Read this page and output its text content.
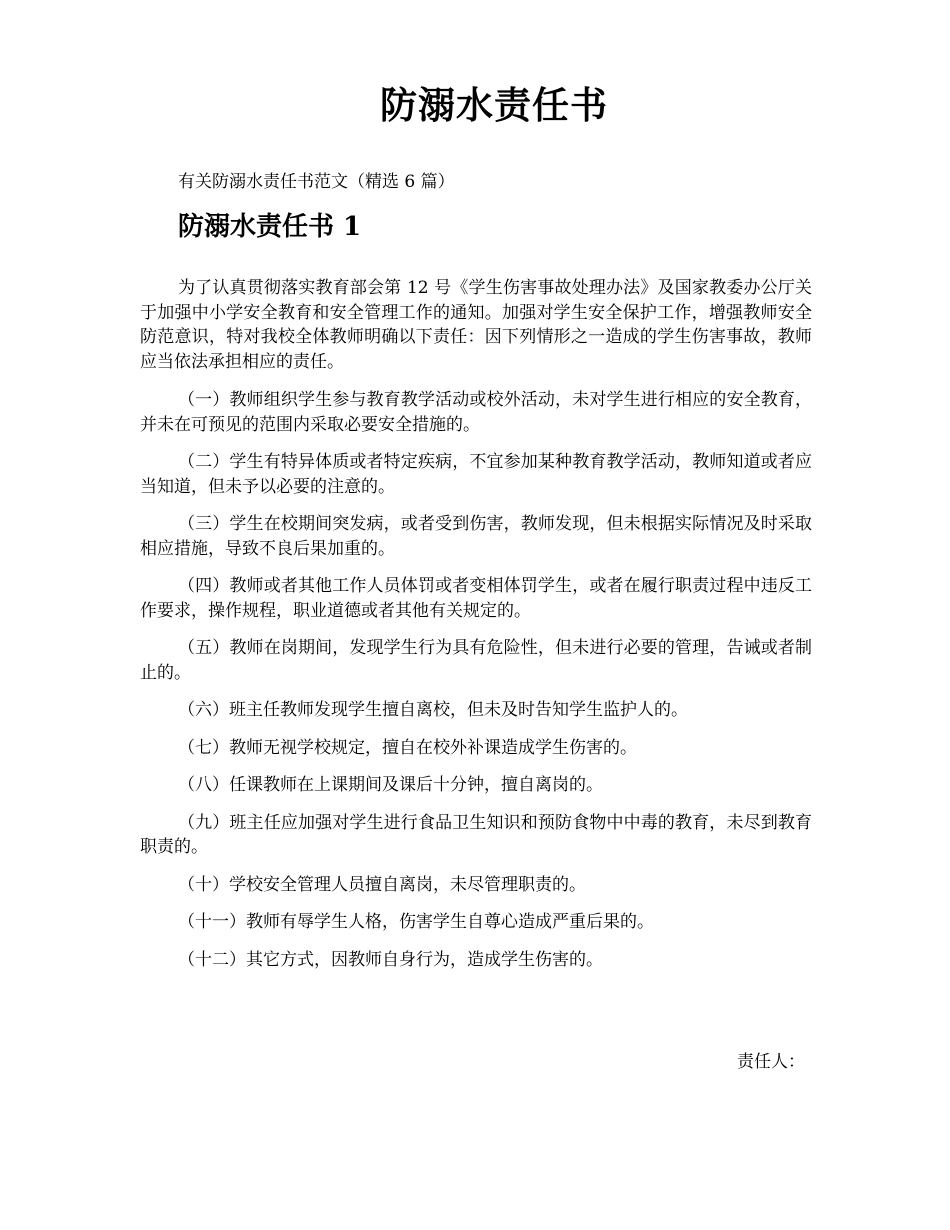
防溺水责任书

有关防溺水责任书范文（精选 6 篇）

防溺水责任书 1

为了认真贯彻落实教育部会第 12 号《学生伤害事故处理办法》及国家教委办公厅关于加强中小学安全教育和安全管理工作的通知。加强对学生安全保护工作，增强教师安全防范意识，特对我校全体教师明确以下责任：因下列情形之一造成的学生伤害事故，教师应当依法承担相应的责任。

（一）教师组织学生参与教育教学活动或校外活动，未对学生进行相应的安全教育，并未在可预见的范围内采取必要安全措施的。

（二）学生有特异体质或者特定疾病，不宜参加某种教育教学活动，教师知道或者应当知道，但未予以必要的注意的。

（三）学生在校期间突发病，或者受到伤害，教师发现，但未根据实际情况及时采取相应措施，导致不良后果加重的。

（四）教师或者其他工作人员体罚或者变相体罚学生，或者在履行职责过程中违反工作要求，操作规程，职业道德或者其他有关规定的。

（五）教师在岗期间，发现学生行为具有危险性，但未进行必要的管理，告诫或者制止的。

（六）班主任教师发现学生擅自离校，但未及时告知学生监护人的。

（七）教师无视学校规定，擅自在校外补课造成学生伤害的。

（八）任课教师在上课期间及课后十分钟，擅自离岗的。

（九）班主任应加强对学生进行食品卫生知识和预防食物中中毒的教育，未尽到教育职责的。

（十）学校安全管理人员擅自离岗，未尽管理职责的。

（十一）教师有辱学生人格，伤害学生自尊心造成严重后果的。

（十二）其它方式，因教师自身行为，造成学生伤害的。

责任人：
